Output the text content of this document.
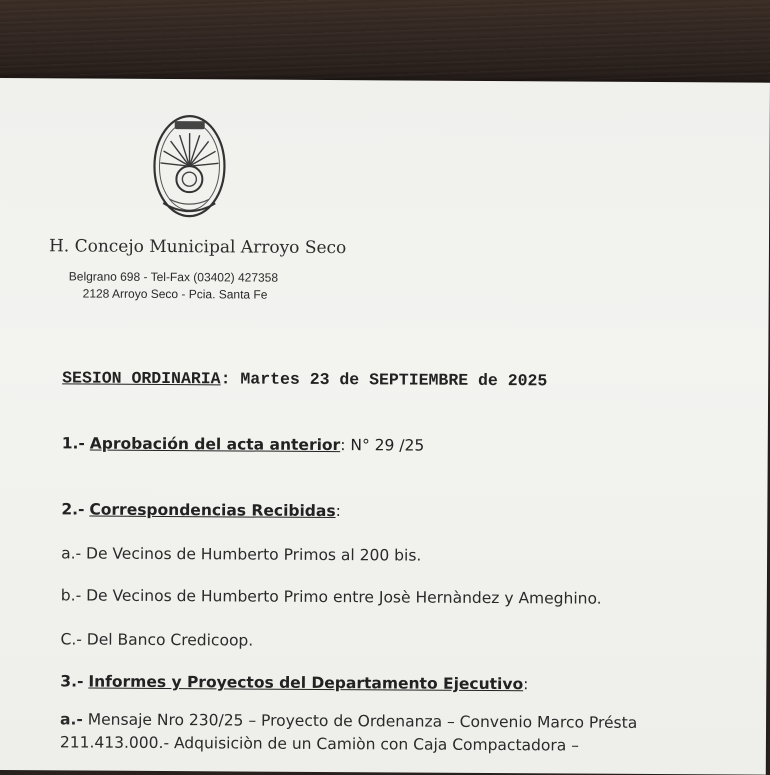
H. Concejo Municipal Arroyo Seco
Belgrano 698 - Tel-Fax (03402) 427358
2128 Arroyo Seco - Pcia. Santa Fe
SESION ORDINARIA: Martes 23 de SEPTIEMBRE de 2025
1.- Aprobación del acta anterior: N° 29 /25
2.- Correspondencias Recibidas:
a.- De Vecinos de Humberto Primos al 200 bis.
b.- De Vecinos de Humberto Primo entre Josè Hernàndez y Ameghino.
C.- Del Banco Credicoop.
3.- Informes y Proyectos del Departamento Ejecutivo:
a.- Mensaje Nro 230/25 – Proyecto de Ordenanza – Convenio Marco Présta
211.413.000.- Adquisiciòn de un Camiòn con Caja Compactadora –
